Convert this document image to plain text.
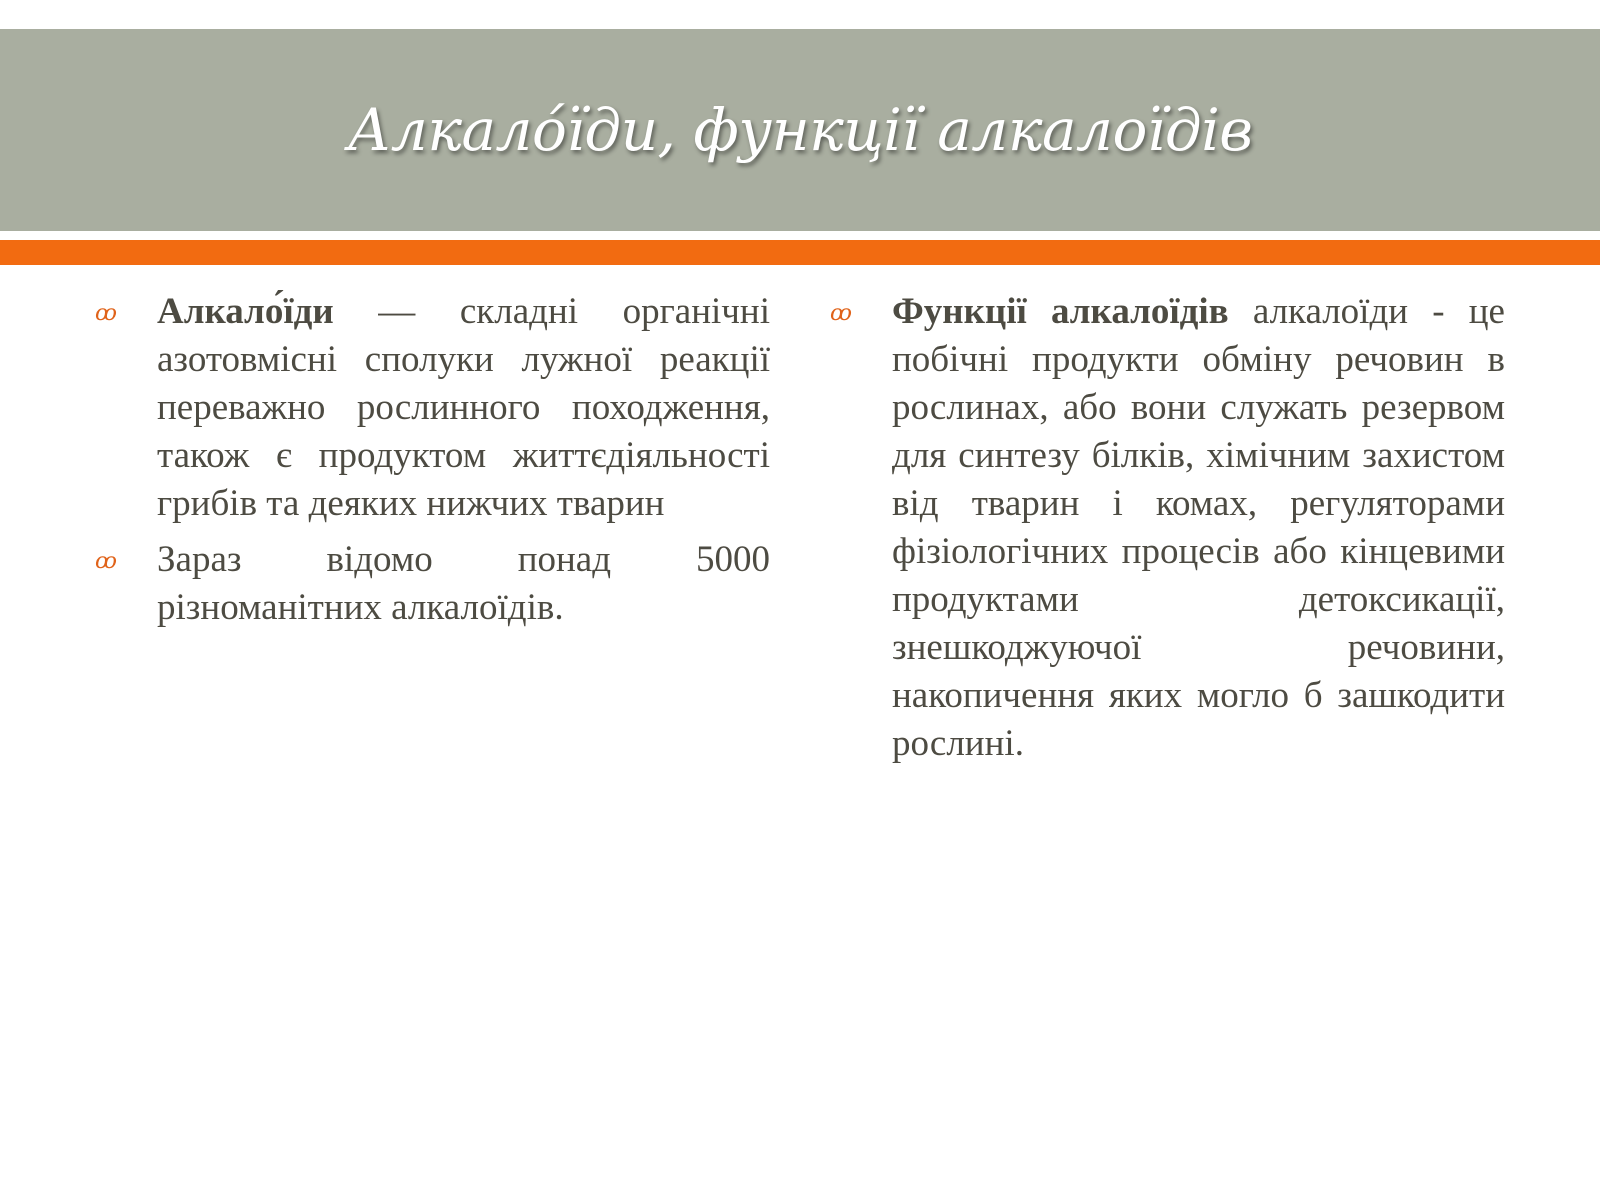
Алкало́їди, функції алкалоїдів
ꝏ Алкало́їди — складні органічні азотовмісні сполуки лужної реакції переважно рослинного походження, також є продуктом життєдіяльності грибів та деяких нижчих тварин
ꝏ Зараз відомо понад 5000 різноманітних алкалоїдів.
ꝏ Функції алкалоїдів алкалоїди - це побічні продукти обміну речовин в рослинах, або вони служать резервом для синтезу білків, хімічним захистом від тварин і комах, регуляторами фізіологічних процесів або кінцевими продуктами детоксикації, знешкоджуючої речовини, накопичення яких могло б зашкодити рослині.
